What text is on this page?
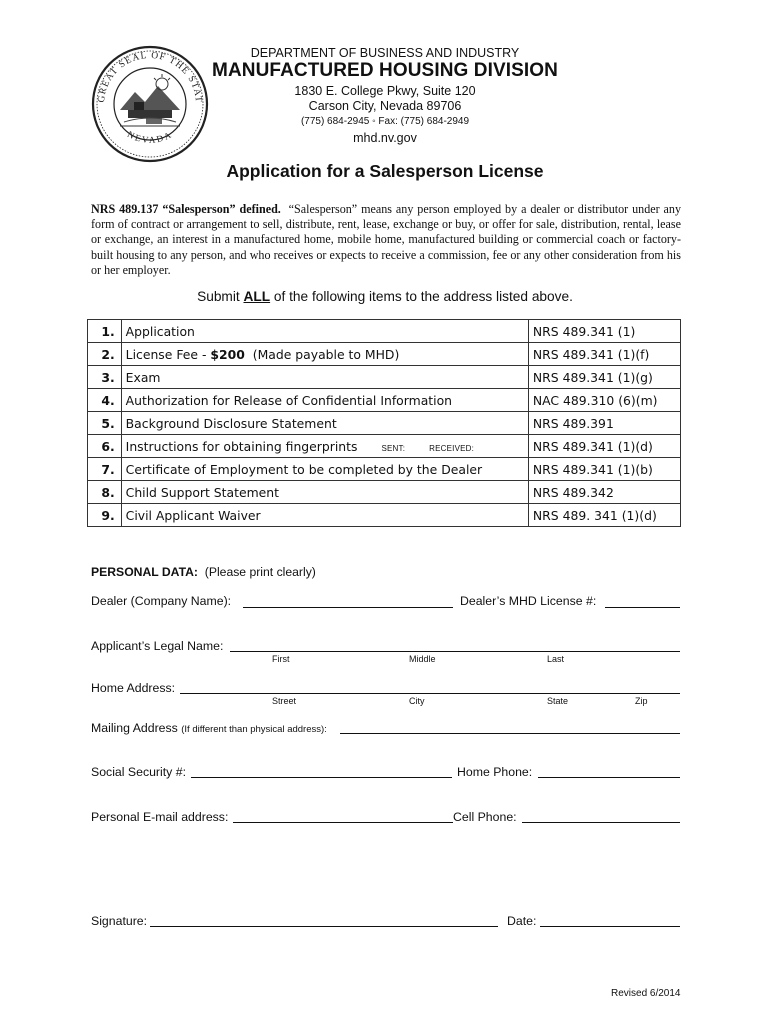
GREAT SEAL OF THE STAT
NEVADA
DEPARTMENT OF BUSINESS AND INDUSTRY
MANUFACTURED HOUSING DIVISION
1830 E. College Pkwy, Suite 120
Carson City, Nevada 89706
(775) 684-2945 ◦ Fax: (775) 684-2949
mhd.nv.gov
Application for a Salesperson License
NRS 489.137 “Salesperson” defined. “Salesperson” means any person employed by a dealer or distributor under any form of contract or arrangement to sell, distribute, rent, lease, exchange or buy, or offer for sale, distribution, rental, lease or exchange, an interest in a manufactured home, mobile home, manufactured building or commercial coach or factory-built housing to any person, and who receives or expects to receive a commission, fee or any other consideration from his or her employer.
Submit ALL of the following items to the address listed above.
1.	Application	NRS 489.341 (1)
2.	License Fee - $200  (Made payable to MHD)	NRS 489.341 (1)(f)
3.	Exam	NRS 489.341 (1)(g)
4.	Authorization for Release of Confidential Information	NAC 489.310 (6)(m)
5.	Background Disclosure Statement	NRS 489.391
6.	Instructions for obtaining fingerprints SENT: RECEIVED:	NRS 489.341 (1)(d)
7.	Certificate of Employment to be completed by the Dealer	NRS 489.341 (1)(b)
8.	Child Support Statement	NRS 489.342
9.	Civil Applicant Waiver	NRS 489. 341 (1)(d)
PERSONAL DATA: (Please print clearly)
Dealer (Company Name):	Dealer’s MHD License #:
Applicant’s Legal Name:
First	Middle	Last
Home Address:
Street	City	State	Zip
Mailing Address (If different than physical address):
Social Security #:	Home Phone:
Personal E-mail address:	Cell Phone:
Signature:	Date:
Revised 6/2014
